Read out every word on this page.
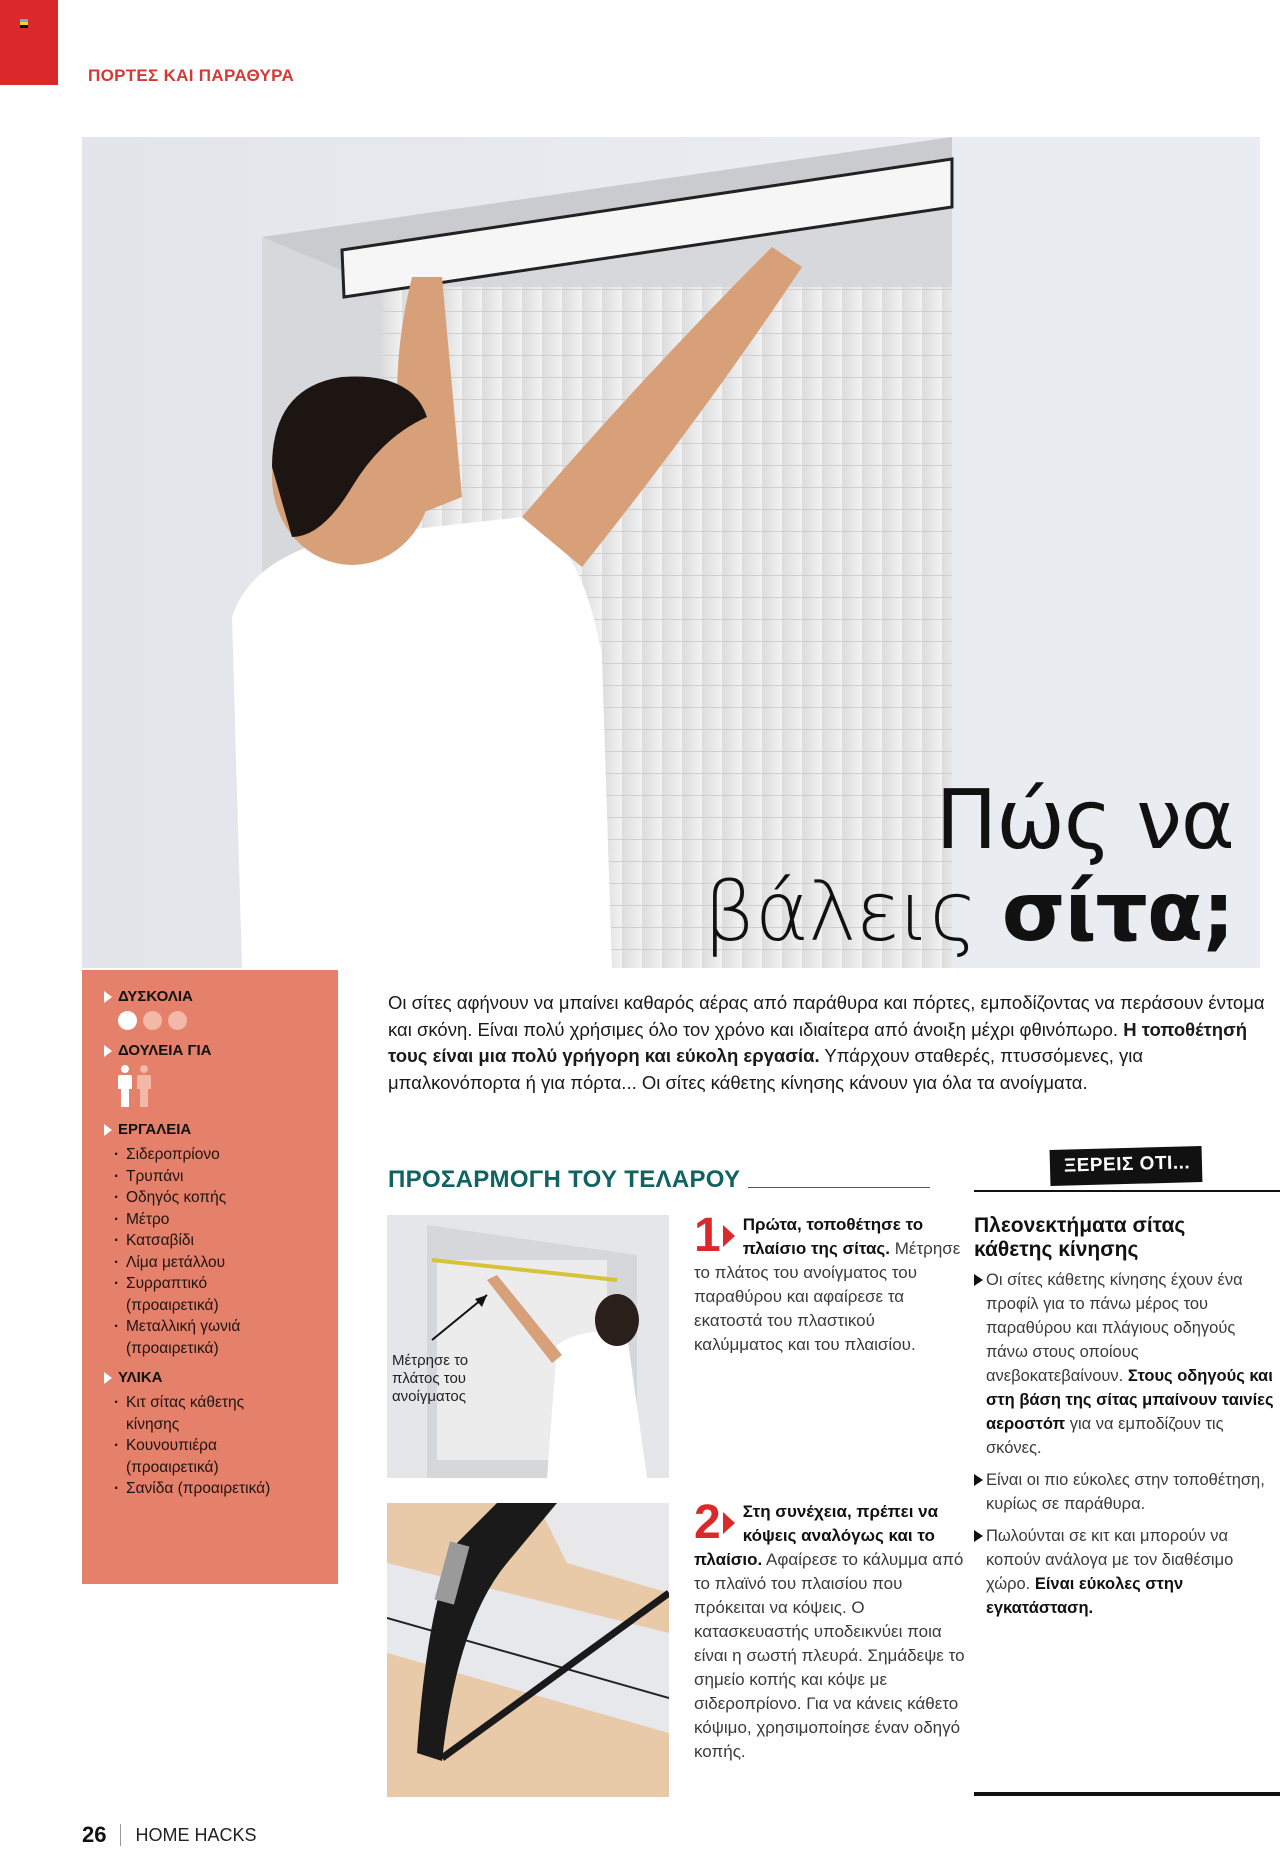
ΠΟΡΤΕΣ ΚΑΙ ΠΑΡΑΘΥΡΑ
Πώς να
βάλεις σίτα;
ΔΥΣΚΟΛΙΑ
ΔΟΥΛΕΙΑ ΓΙΑ
ΕΡΓΑΛΕΙΑ
· Σιδεροπρίονο
· Τρυπάνι
· Οδηγός κοπής
· Μέτρο
· Κατσαβίδι
· Λίμα μετάλλου
· Συρραπτικό (προαιρετικά)
· Μεταλλική γωνιά (προαιρετικά)
ΥΛΙΚΑ
· Κιτ σίτας κάθετης κίνησης
· Κουνουπιέρα (προαιρετικά)
· Σανίδα (προαιρετικά)

Οι σίτες αφήνουν να μπαίνει καθαρός αέρας από παράθυρα και πόρτες, εμποδίζοντας να περάσουν έντομα και σκόνη. Είναι πολύ χρήσιμες όλο τον χρόνο και ιδιαίτερα από άνοιξη μέχρι φθινόπωρο. Η τοποθέτησή τους είναι μια πολύ γρήγορη και εύκολη εργασία. Υπάρχουν σταθερές, πτυσσόμενες, για μπαλκονόπορτα ή για πόρτα... Οι σίτες κάθετης κίνησης κάνουν για όλα τα ανοίγματα.

ΠΡΟΣΑΡΜΟΓΗ ΤΟΥ ΤΕΛΑΡΟΥ
Μέτρησε το πλάτος του ανοίγματος
1 Πρώτα, τοποθέτησε το πλαίσιο της σίτας. Μέτρησε το πλάτος του ανοίγματος του παραθύρου και αφαίρεσε τα εκατοστά του πλαστικού καλύμματος και του πλαισίου.
2 Στη συνέχεια, πρέπει να κόψεις αναλόγως και το πλαίσιο. Αφαίρεσε το κάλυμμα από το πλαϊνό του πλαισίου που πρόκειται να κόψεις. Ο κατασκευαστής υποδεικνύει ποια είναι η σωστή πλευρά. Σημάδεψε το σημείο κοπής και κόψε με σιδεροπρίονο. Για να κάνεις κάθετο κόψιμο, χρησιμοποίησε έναν οδηγό κοπής.
ΞΕΡΕΙΣ ΟΤΙ...
Πλεονεκτήματα σίτας κάθετης κίνησης
Οι σίτες κάθετης κίνησης έχουν ένα προφίλ για το πάνω μέρος του παραθύρου και πλάγιους οδηγούς πάνω στους οποίους ανεβοκατεβαίνουν. Στους οδηγούς και στη βάση της σίτας μπαίνουν ταινίες αεροστόπ για να εμποδίζουν τις σκόνες.
Είναι οι πιο εύκολες στην τοποθέτηση, κυρίως σε παράθυρα.
Πωλούνται σε κιτ και μπορούν να κοπούν ανάλογα με τον διαθέσιμο χώρο. Είναι εύκολες στην εγκατάσταση.
26 HOME HACKS
